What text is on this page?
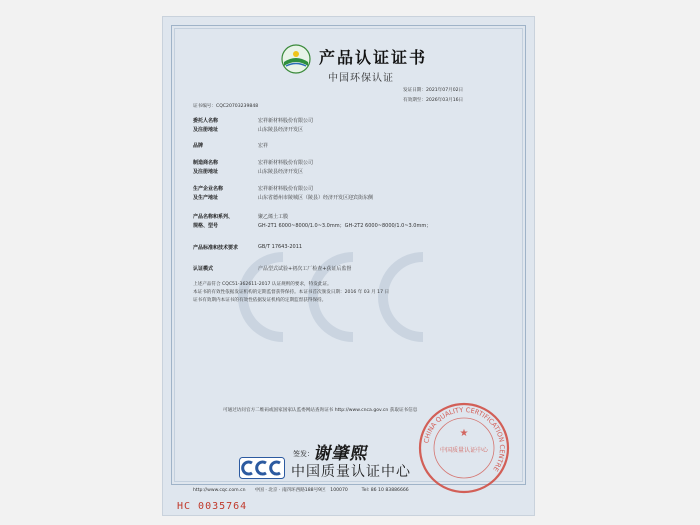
产品认证证书
中国环保认证
证书编号：CQC20703239848
发证日期：2021年07月02日
有效期至：2026年03月16日
委托人名称	宏祥新材料股份有限公司
及注册地址	山东陵县经济开发区
品牌	宏祥
制造商名称	宏祥新材料股份有限公司
及注册地址	山东陵县经济开发区
生产企业名称	宏祥新材料股份有限公司
及生产地址	山东省德州市陵城区（陵县）经济开发区迎宾街东侧
产品名称和系列、	聚乙烯土工膜
规格、型号	GH-2T1 6000~8000/1.0~3.0mm；GH-2T2 6000~8000/1.0~3.0mm；
产品标准和技术要求	GB/T 17643-2011
认证模式	产品型式试验+初次工厂检查+获证后监督
上述产品符合 CQC51-362611-2017 认证规则的要求，特发此证。
本证书的有效性依据发证机构的定期监督获得保持。本证书首次颁发日期：2016 年 03 月 17 日
证书有效期内本证书的有效性依据发证机构的定期监督获得保持。
可通过访问官方二维码或国家国家认监委网站查询证书 http://www.cnca.gov.cn 获取证书信息
签发：
谢肇熙
中国质量认证中心
CHINA QUALITY CERTIFICATION CENTRE
中国质量认证中心
★
http://www.cqc.com.cn　　中国 · 北京 · 南四环西路188号9区　100070　　　Tel: 86 10 83886666
HC 0035764
